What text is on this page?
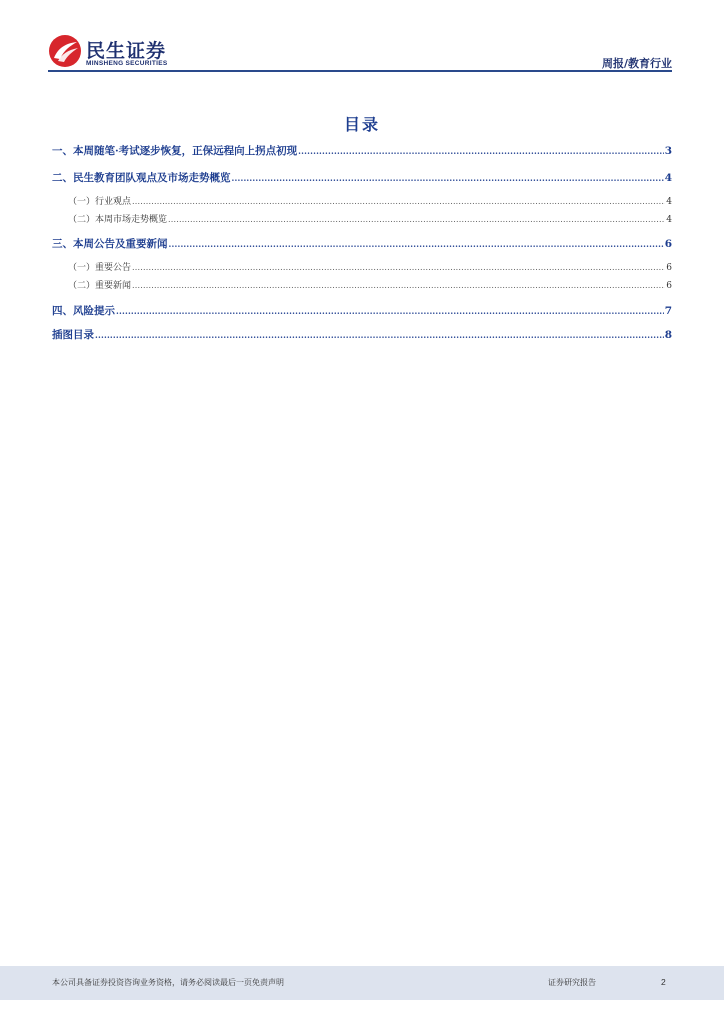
民生证券
MINSHENG SECURITIES	周报/教育行业
目录
一、本周随笔·考试逐步恢复，正保远程向上拐点初现 .....	3
二、民生教育团队观点及市场走势概览 .....	4
（一）行业观点 .....	4
（二）本周市场走势概览 .....	4
三、本周公告及重要新闻 .....	6
（一）重要公告 .....	6
（二）重要新闻 .....	6
四、风险提示 .....	7
插图目录 .....	8
本公司具备证券投资咨询业务资格，请务必阅读最后一页免责声明	证券研究报告	2
